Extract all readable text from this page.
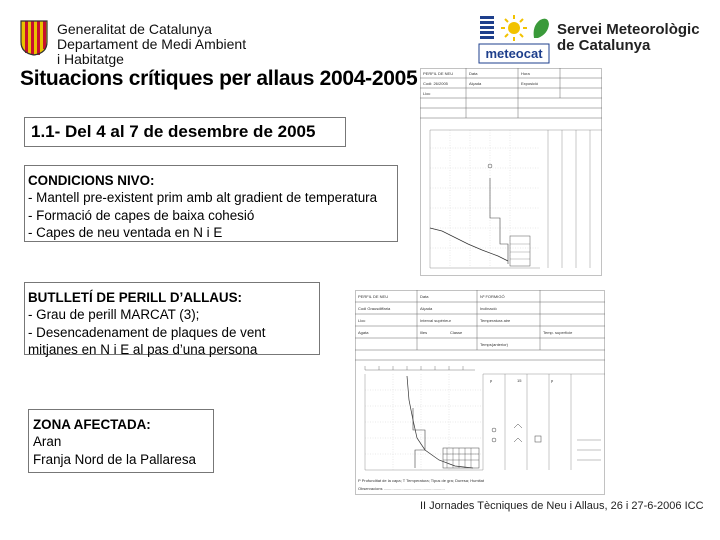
Generalitat de Catalunya
Departament de Medi Ambient
i Habitatge	meteocat
Servei Meteorològic
de Catalunya
Situacions crítiques per allaus 2004-2005 PERFIL DE NEU	Data	Hora
Codi: 26/2005	Alçada	Exposició
Lloc
PERFIL DE NEU	Data	Nº FORMIGÓ
Codi Grausdiffaria	Alçada	Inclinació
Lloc	Interval supérieur	Temperatura aire
Agata	Illes	Classe	Temp. superfície
Temps(anterior)
p	15	p
P Profunditat de la capa; T Temperatura; Tipus de gra; Duresa; Humitat
Observacions .......................................................
1.1- Del 4 al 7 de desembre de 2005
CONDICIONS NIVO:
- Mantell pre-existent prim amb alt gradient de temperatura
- Formació de capes de baixa cohesió
- Capes de neu ventada en N i E
BUTLLETÍ DE PERILL D’ALLAUS:
- Grau de perill MARCAT (3);
- Desencadenament de plaques de vent
mitjanes en N i E al pas d’una persona
ZONA AFECTADA:
Aran
Franja Nord de la Pallaresa
II Jornades Tècniques de Neu i Allaus, 26 i 27-6-2006 ICC
